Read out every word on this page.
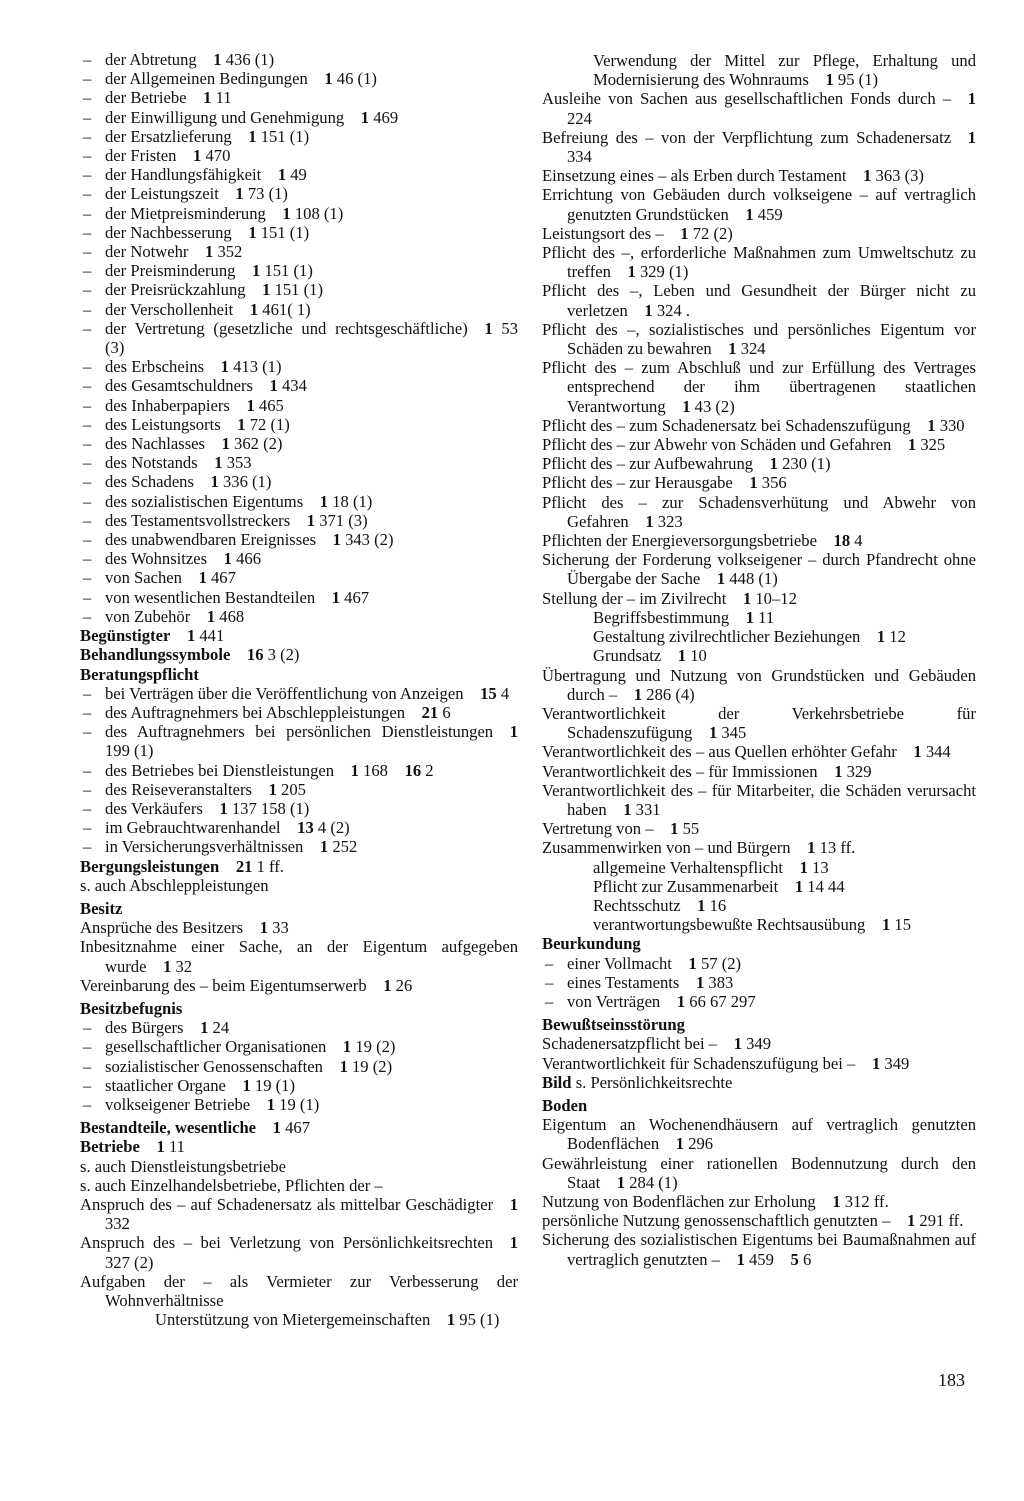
– der Abtretung  1 436 (1)
– der Allgemeinen Bedingungen  1 46 (1)
– der Betriebe  1 11
– der Einwilligung und Genehmigung  1 469
– der Ersatzlieferung  1 151 (1)
– der Fristen  1 470
– der Handlungsfähigkeit  1 49
– der Leistungszeit  1 73 (1)
– der Mietpreisminderung  1 108 (1)
– der Nachbesserung  1 151 (1)
– der Notwehr  1 352
– der Preisminderung  1 151 (1)
– der Preisrückzahlung  1 151 (1)
– der Verschollenheit  1 461( 1)
– der Vertretung (gesetzliche und rechtsgeschäftliche)  1 53 (3)
– des Erbscheins  1 413 (1)
– des Gesamtschuldners  1 434
– des Inhaberpapiers  1 465
– des Leistungsorts  1 72 (1)
– des Nachlasses  1 362 (2)
– des Notstands  1 353
– des Schadens  1 336 (1)
– des sozialistischen Eigentums  1 18 (1)
– des Testamentsvollstreckers  1 371 (3)
– des unabwendbaren Ereignisses  1 343 (2)
– des Wohnsitzes  1 466
– von Sachen  1 467
– von wesentlichen Bestandteilen  1 467
– von Zubehör  1 468
Begünstigter  1 441
Behandlungssymbole  16 3 (2)
Beratungspflicht
– bei Verträgen über die Veröffentlichung von Anzeigen  15 4
– des Auftragnehmers bei Abschleppleistungen  21 6
– des Auftragnehmers bei persönlichen Dienstleistungen  1 199 (1)
– des Betriebes bei Dienstleistungen  1 168  16 2
– des Reiseveranstalters  1 205
– des Verkäufers  1 137 158 (1)
– im Gebrauchtwarenhandel  13 4 (2)
– in Versicherungsverhältnissen  1 252
Bergungsleistungen  21 1 ff.
s. auch Abschleppleistungen
Besitz
Ansprüche des Besitzers  1 33
Inbesitznahme einer Sache, an der Eigentum aufgegeben wurde  1 32
Vereinbarung des – beim Eigentumserwerb  1 26
Besitzbefugnis
– des Bürgers  1 24
– gesellschaftlicher Organisationen  1 19 (2)
– sozialistischer Genossenschaften  1 19 (2)
– staatlicher Organe  1 19 (1)
– volkseigener Betriebe  1 19 (1)
Bestandteile, wesentliche  1 467
Betriebe  1 11
s. auch Dienstleistungsbetriebe
s. auch Einzelhandelsbetriebe, Pflichten der –
Anspruch des – auf Schadenersatz als mittelbar Geschädigter  1 332
Anspruch des – bei Verletzung von Persönlichkeitsrechten  1 327 (2)
Aufgaben der – als Vermieter zur Verbesserung der Wohnverhältnisse
Unterstützung von Mietergemeinschaften  1 95 (1)
Verwendung der Mittel zur Pflege, Erhaltung und Modernisierung des Wohnraums  1 95 (1)
Ausleihe von Sachen aus gesellschaftlichen Fonds durch –  1 224
Befreiung des – von der Verpflichtung zum Schadenersatz  1 334
Einsetzung eines – als Erben durch Testament  1 363 (3)
Errichtung von Gebäuden durch volkseigene – auf vertraglich genutzten Grundstücken  1 459
Leistungsort des –  1 72 (2)
Pflicht des –, erforderliche Maßnahmen zum Umweltschutz zu treffen  1 329 (1)
Pflicht des –, Leben und Gesundheit der Bürger nicht zu verletzen  1 324 .
Pflicht des –, sozialistisches und persönliches Eigentum vor Schäden zu bewahren  1 324
Pflicht des – zum Abschluß und zur Erfüllung des Vertrages entsprechend der ihm übertragenen staatlichen Verantwortung  1 43 (2)
Pflicht des – zum Schadenersatz bei Schadenszufügung  1 330
Pflicht des – zur Abwehr von Schäden und Gefahren  1 325
Pflicht des – zur Aufbewahrung  1 230 (1)
Pflicht des – zur Herausgabe  1 356
Pflicht des – zur Schadensverhütung und Abwehr von Gefahren  1 323
Pflichten der Energieversorgungsbetriebe  18 4
Sicherung der Forderung volkseigener – durch Pfandrecht ohne Übergabe der Sache  1 448 (1)
Stellung der – im Zivilrecht  1 10–12
Begriffsbestimmung  1 11
Gestaltung zivilrechtlicher Beziehungen  1 12
Grundsatz  1 10
Übertragung und Nutzung von Grundstücken und Gebäuden durch –  1 286 (4)
Verantwortlichkeit der Verkehrsbetriebe für Schadenszufügung  1 345
Verantwortlichkeit des – aus Quellen erhöhter Gefahr  1 344
Verantwortlichkeit des – für Immissionen  1 329
Verantwortlichkeit des – für Mitarbeiter, die Schäden verursacht haben  1 331
Vertretung von –  1 55
Zusammenwirken von – und Bürgern  1 13 ff.
allgemeine Verhaltenspflicht  1 13
Pflicht zur Zusammenarbeit  1 14 44
Rechtsschutz  1 16
verantwortungsbewußte Rechtsausübung  1 15
Beurkundung
– einer Vollmacht  1 57 (2)
– eines Testaments  1 383
– von Verträgen  1 66 67 297
Bewußtseinsstörung
Schadenersatzpflicht bei –  1 349
Verantwortlichkeit für Schadenszufügung bei –  1 349
Bild s. Persönlichkeitsrechte
Boden
Eigentum an Wochenendhäusern auf vertraglich genutzten Bodenflächen  1 296
Gewährleistung einer rationellen Bodennutzung durch den Staat  1 284 (1)
Nutzung von Bodenflächen zur Erholung  1 312 ff.
persönliche Nutzung genossenschaftlich genutzten –  1 291 ff.
Sicherung des sozialistischen Eigentums bei Baumaßnahmen auf vertraglich genutzten –  1 459  5 6
183
